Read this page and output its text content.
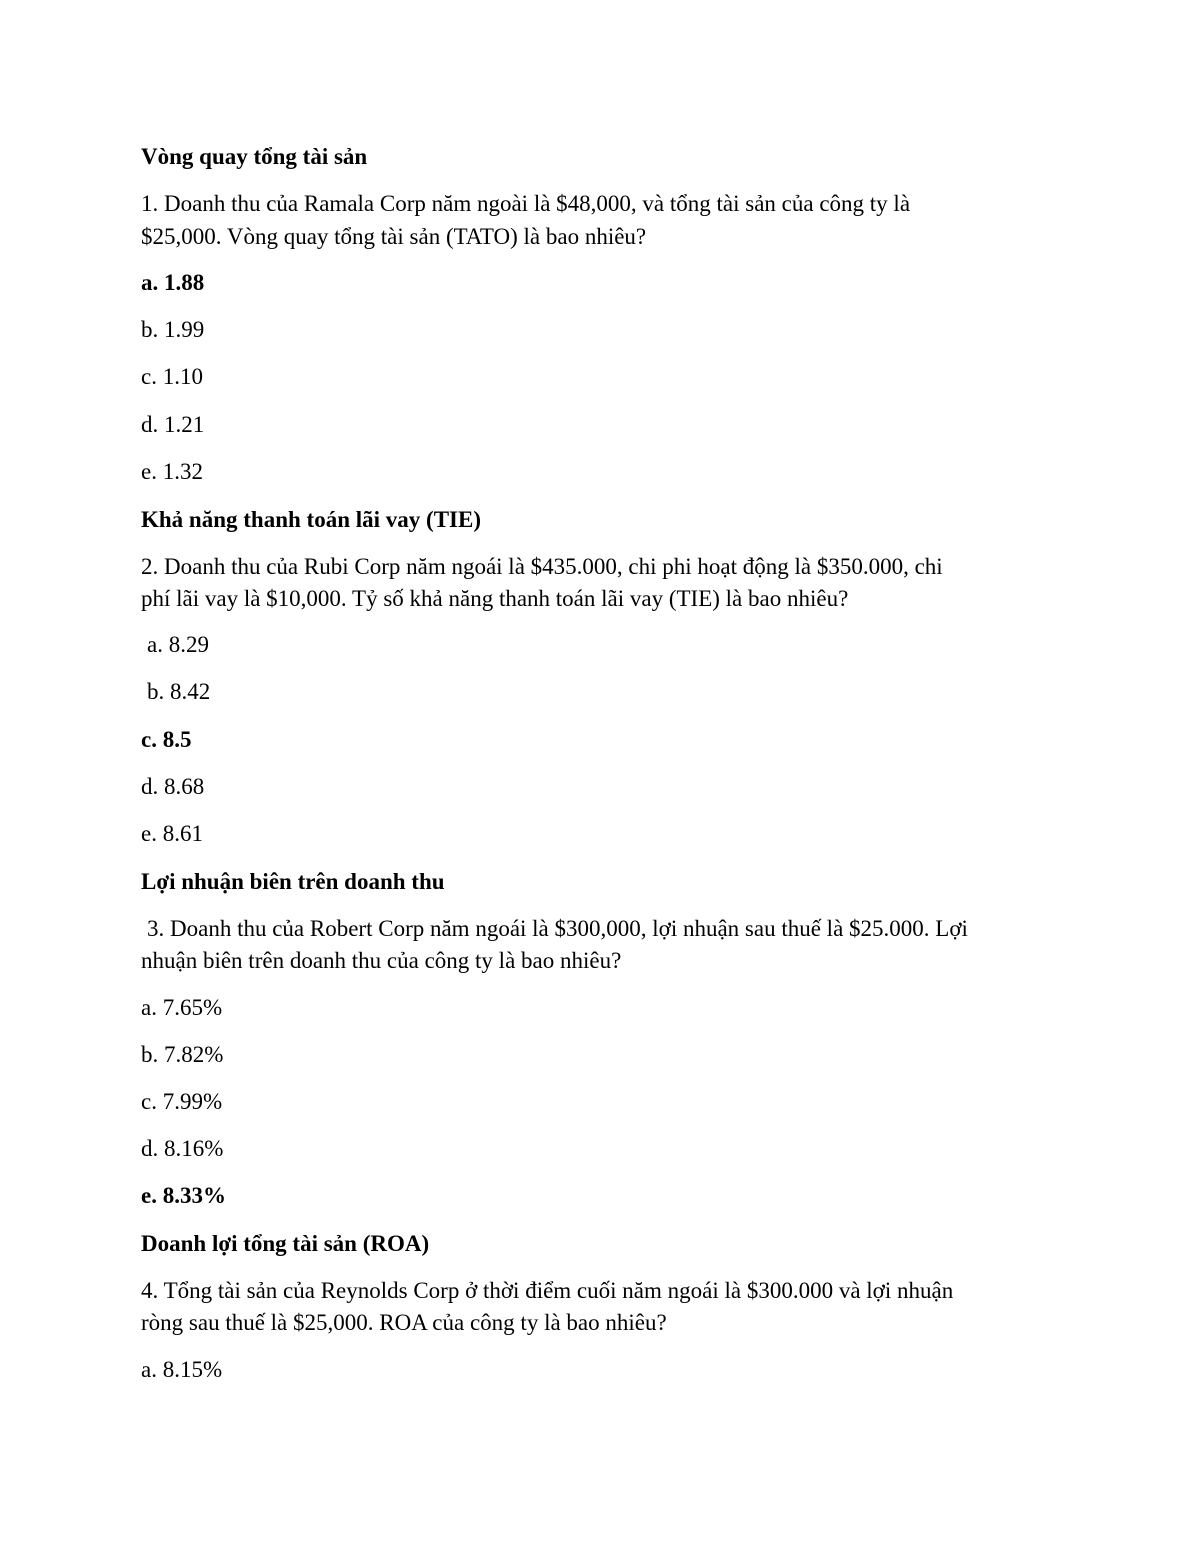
Vòng quay tổng tài sản

1. Doanh thu của Ramala Corp năm ngoài là $48,000, và tổng tài sản của công ty là

$25,000. Vòng quay tổng tài sản (TATO) là bao nhiêu?

a. 1.88

b. 1.99

c. 1.10

d. 1.21

e. 1.32

Khả năng thanh toán lãi vay (TIE)

2. Doanh thu của Rubi Corp năm ngoái là $435.000, chi phi hoạt động là $350.000, chi

phí lãi vay là $10,000. Tỷ số khả năng thanh toán lãi vay (TIE) là bao nhiêu?

a. 8.29

b. 8.42

c. 8.5

d. 8.68

e. 8.61

Lợi nhuận biên trên doanh thu

3. Doanh thu của Robert Corp năm ngoái là $300,000, lợi nhuận sau thuế là $25.000. Lợi

nhuận biên trên doanh thu của công ty là bao nhiêu?

a. 7.65%

b. 7.82%

c. 7.99%

d. 8.16%

e. 8.33%

Doanh lợi tổng tài sản (ROA)

4. Tổng tài sản của Reynolds Corp ở thời điểm cuối năm ngoái là $300.000 và lợi nhuận

ròng sau thuế là $25,000. ROA của công ty là bao nhiêu?

a. 8.15%
